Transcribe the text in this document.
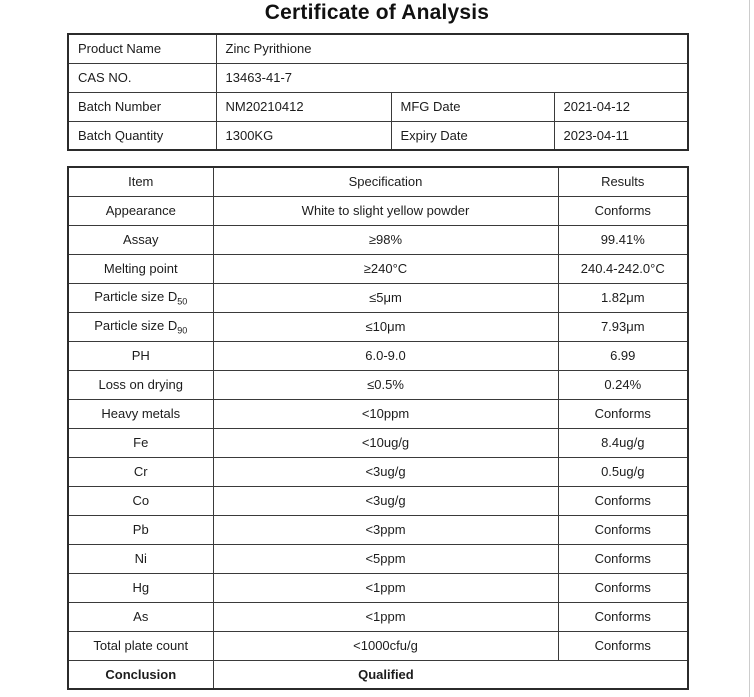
Certificate of Analysis
Product Name	Zinc Pyrithione		
CAS NO.	13463-41-7		
Batch Number	NM20210412	MFG Date	2021-04-12
Batch Quantity	1300KG	Expiry Date	2023-04-11
Item	Specification	Results
Appearance	White to slight yellow powder	Conforms
Assay	≥98%	99.41%
Melting point	≥240°C	240.4-242.0°C
Particle size $D_{50}$	≤5μm	1.82μm
Particle size $D_{90}$	≤10μm	7.93μm
PH	6.0-9.0	6.99
Loss on drying	≤0.5%	0.24%
Heavy metals	<10ppm	Conforms
Fe	<10ug/g	8.4ug/g
Cr	<3ug/g	0.5ug/g
Co	<3ug/g	Conforms
Pb	<3ppm	Conforms
Ni	<5ppm	Conforms
Hg	<1ppm	Conforms
As	<1ppm	Conforms
Total plate count	<1000cfu/g	Conforms
Conclusion	Qualified	
